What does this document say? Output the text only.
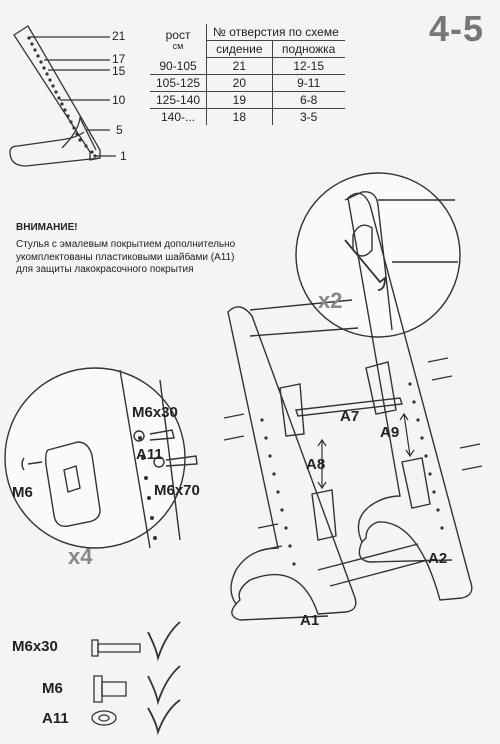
4-5
21
17
15
10
5
1
рост
см	№ отверстия по схеме	
	сидение	подножка
90-105	21	12-15
105-125	20	9-11
125-140	19	6-8
140-...	18	3-5
ВНИМАНИЕ!
Стулья с эмалевым покрытием дополнительно укомплектованы пластиковыми шайбами (А11) для защиты лакокрасочного покрытия
x2
x4
M6
M6x30
A11
M6x70
A7
A9
A8
A2
A1
M6x30
M6
A11
